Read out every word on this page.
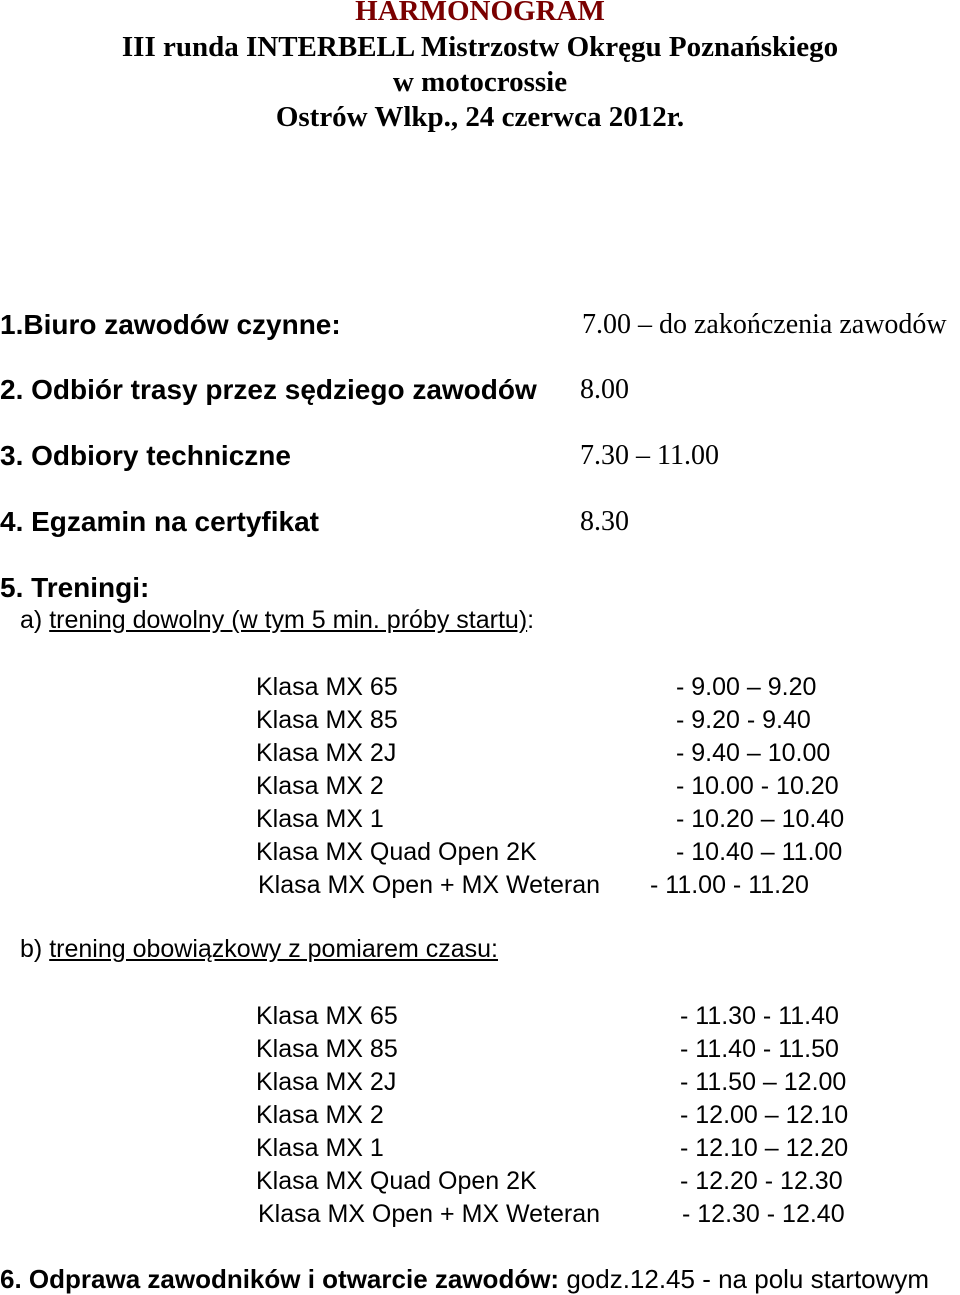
HARMONOGRAM
III runda INTERBELL Mistrzostw Okręgu Poznańskiego
w motocrossie
Ostrów Wlkp., 24 czerwca 2012r.
1.Biuro zawodów czynne:	7.00 – do zakończenia zawodów
2. Odbiór trasy przez sędziego zawodów 8.00
3. Odbiory techniczne	7.30 – 11.00
4. Egzamin na certyfikat	8.30
5. Treningi:
a) trening dowolny (w tym 5 min. próby startu):
Klasa MX 65	- 9.00 – 9.20
Klasa MX 85	- 9.20 - 9.40
Klasa MX 2J	- 9.40 – 10.00
Klasa MX 2	- 10.00 - 10.20
Klasa MX 1	- 10.20 – 10.40
Klasa MX Quad Open 2K	- 10.40 – 11.00
Klasa MX Open + MX Weteran - 11.00 - 11.20
b) trening obowiązkowy z pomiarem czasu:
Klasa MX 65	- 11.30 - 11.40
Klasa MX 85	- 11.40 - 11.50
Klasa MX 2J	- 11.50 – 12.00
Klasa MX 2	- 12.00 – 12.10
Klasa MX 1	- 12.10 – 12.20
Klasa MX Quad Open 2K	- 12.20 - 12.30
Klasa MX Open + MX Weteran	- 12.30 - 12.40
6. Odprawa zawodników i otwarcie zawodów: godz.12.45 - na polu startowym
